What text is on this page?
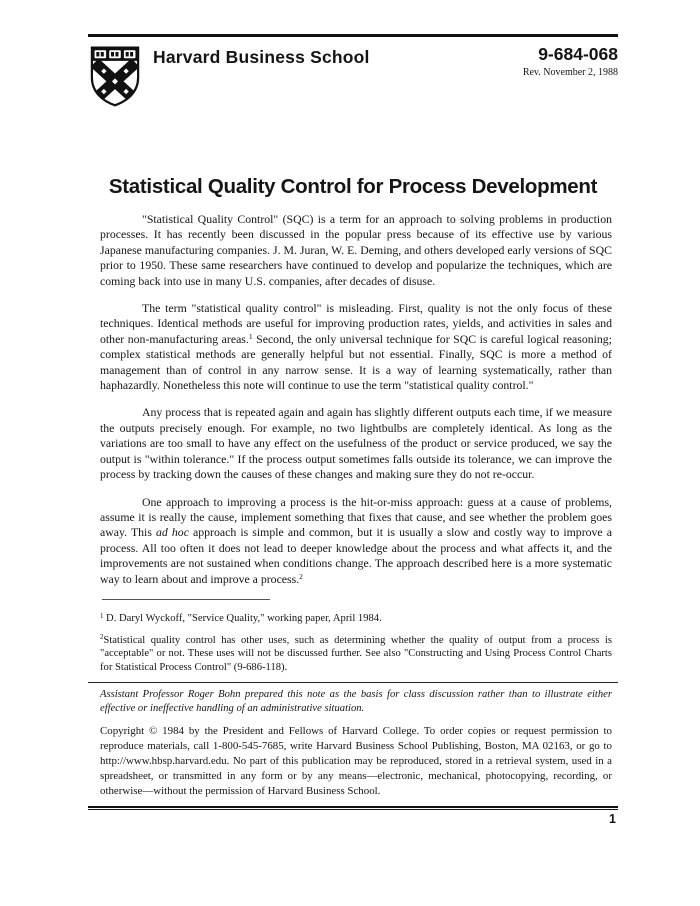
Harvard Business School	9-684-068
Rev. November 2, 1988
Statistical Quality Control for Process Development

"Statistical Quality Control" (SQC) is a term for an approach to solving problems in production processes. It has recently been discussed in the popular press because of its effective use by various Japanese manufacturing companies. J. M. Juran, W. E. Deming, and others developed early versions of SQC prior to 1950. These same researchers have continued to develop and popularize the techniques, which are coming back into use in many U.S. companies, after decades of disuse.

The term "statistical quality control" is misleading. First, quality is not the only focus of these techniques. Identical methods are useful for improving production rates, yields, and activities in sales and other non-manufacturing areas.$^1$ Second, the only universal technique for SQC is careful logical reasoning; complex statistical methods are generally helpful but not essential. Finally, SQC is more a method of management than of control in any narrow sense. It is a way of learning systematically, rather than haphazardly. Nonetheless this note will continue to use the term "statistical quality control."

Any process that is repeated again and again has slightly different outputs each time, if we measure the outputs precisely enough. For example, no two lightbulbs are completely identical. As long as the variations are too small to have any effect on the usefulness of the product or service produced, we say the output is "within tolerance." If the process output sometimes falls outside its tolerance, we can improve the process by tracking down the causes of these changes and making sure they do not re-occur.

One approach to improving a process is the hit-or-miss approach: guess at a cause of problems, assume it is really the cause, implement something that fixes that cause, and see whether the problem goes away. This ad hoc approach is simple and common, but it is usually a slow and costly way to improve a process. All too often it does not lead to deeper knowledge about the process and what affects it, and the improvements are not sustained when conditions change. The approach described here is a more systematic way to learn about and improve a process.$^2$

$^1$ D. Daryl Wyckoff, "Service Quality," working paper, April 1984.

$^2$Statistical quality control has other uses, such as determining whether the quality of output from a process is "acceptable" or not. These uses will not be discussed further. See also "Constructing and Using Process Control Charts for Statistical Process Control" (9-686-118).

Assistant Professor Roger Bohn prepared this note as the basis for class discussion rather than to illustrate either effective or ineffective handling of an administrative situation.

Copyright © 1984 by the President and Fellows of Harvard College. To order copies or request permission to reproduce materials, call 1-800-545-7685, write Harvard Business School Publishing, Boston, MA 02163, or go to http://www.hbsp.harvard.edu. No part of this publication may be reproduced, stored in a retrieval system, used in a spreadsheet, or transmitted in any form or by any means—electronic, mechanical, photocopying, recording, or otherwise—without the permission of Harvard Business School.

1
